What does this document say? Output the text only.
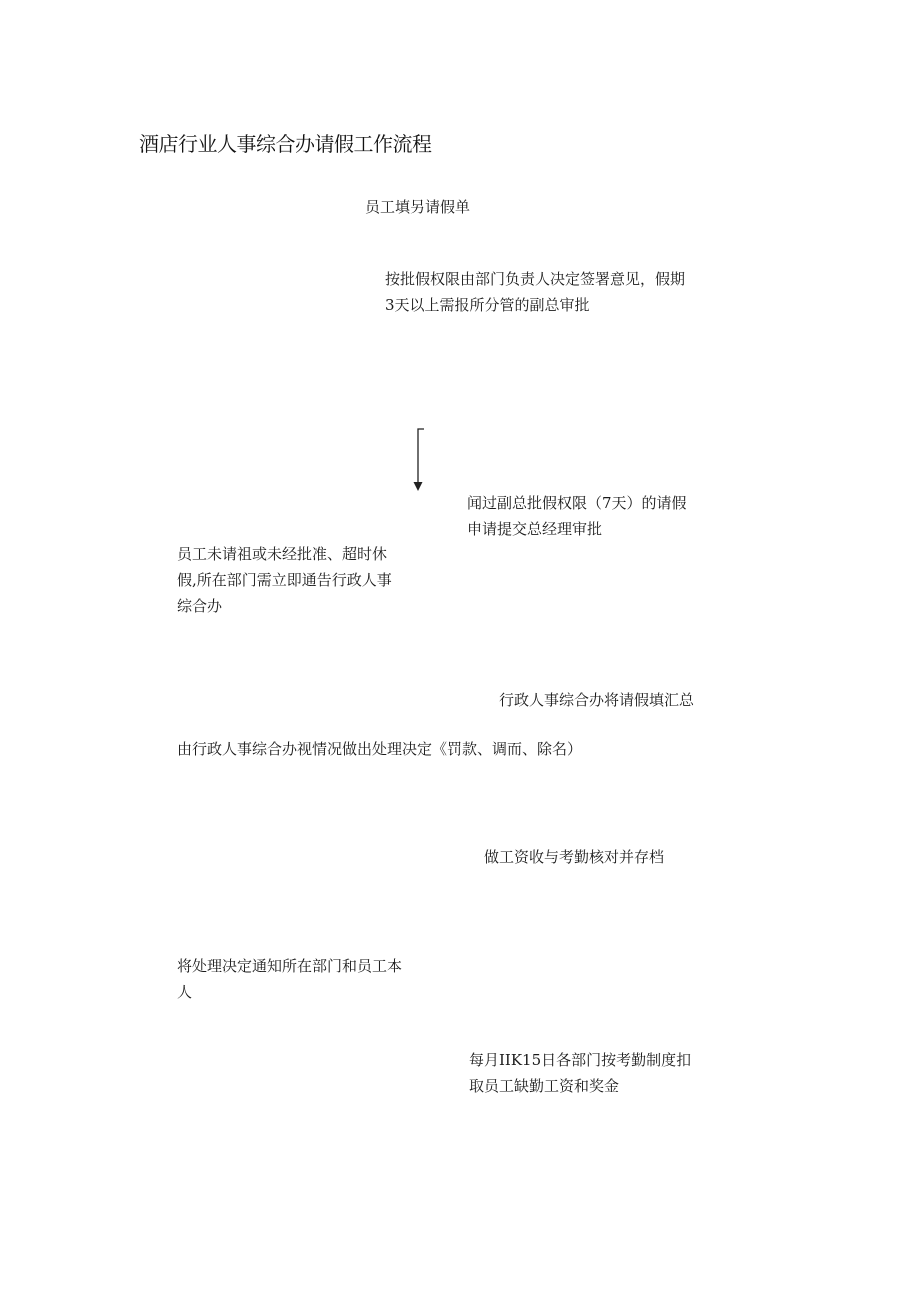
酒店行业人事综合办请假工作流程
员工填另请假单
按批假权限由部门负责人决定签署意见，假期
3天以上需报所分管的副总审批
闻过副总批假权限（7天）的请假
申请提交总经理审批
员工未请祖或未经批准、超时休
假,所在部门需立即通告行政人事
综合办
行政人事综合办将请假填汇总
由行政人事综合办视情况做出处理决定《罚款、调而、除名）
做工资收与考勤核对并存档
将处理决定通知所在部门和员工本
人
每月IIK15日各部门按考勤制度扣
取员工缺勤工资和奖金
